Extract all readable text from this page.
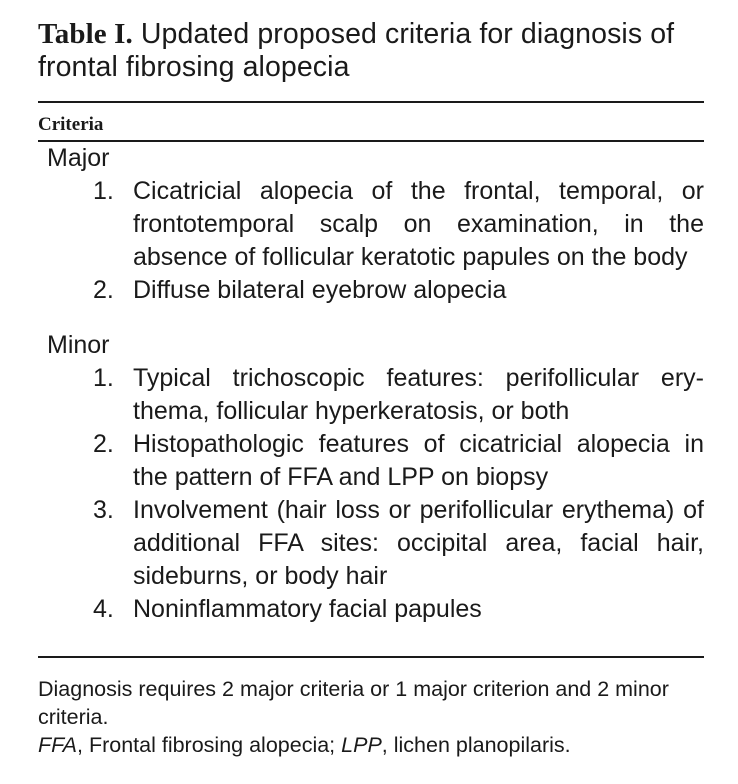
Table I. Updated proposed criteria for diagnosis of frontal fibrosing alopecia
Criteria
Major
1. Cicatricial alopecia of the frontal, temporal, or frontotemporal scalp on examination, in the absence of follicular keratotic papules on the body
2. Diffuse bilateral eyebrow alopecia
Minor
1. Typical trichoscopic features: perifollicular ery-thema, follicular hyperkeratosis, or both
2. Histopathologic features of cicatricial alopecia in the pattern of FFA and LPP on biopsy
3. Involvement (hair loss or perifollicular erythema) of additional FFA sites: occipital area, facial hair, sideburns, or body hair
4. Noninflammatory facial papules
Diagnosis requires 2 major criteria or 1 major criterion and 2 minor criteria.
FFA, Frontal fibrosing alopecia; LPP, lichen planopilaris.
